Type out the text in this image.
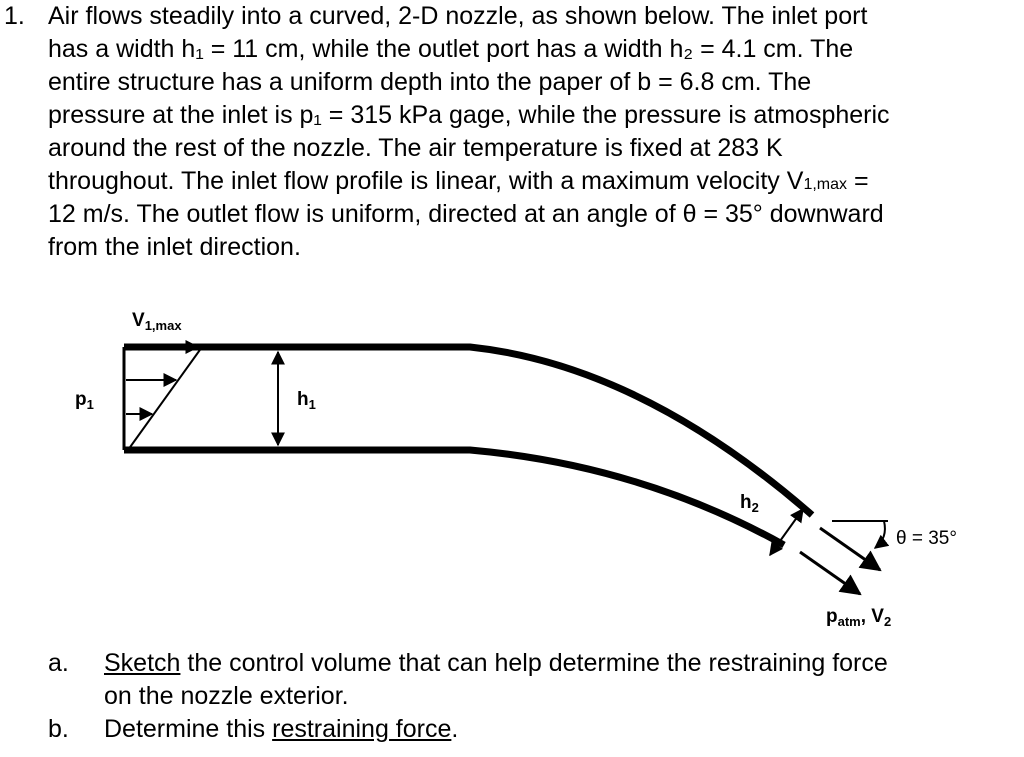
1. Air flows steadily into a curved, 2-D nozzle, as shown below. The inlet port
has a width h₁ = 11 cm, while the outlet port has a width h₂ = 4.1 cm. The
entire structure has a uniform depth into the paper of b = 6.8 cm. The
pressure at the inlet is p₁ = 315 kPa gage, while the pressure is atmospheric
around the rest of the nozzle. The air temperature is fixed at 283 K
throughout. The inlet flow profile is linear, with a maximum velocity V1,max =
12 m/s. The outlet flow is uniform, directed at an angle of θ = 35° downward
from the inlet direction.
$V_{1,max}$
$p_1$	$h_1$
$h_2$
θ = 35°
$p_{atm}$, $V_2$
a. Sketch the control volume that can help determine the restraining force
on the nozzle exterior.
b. Determine this restraining force.
